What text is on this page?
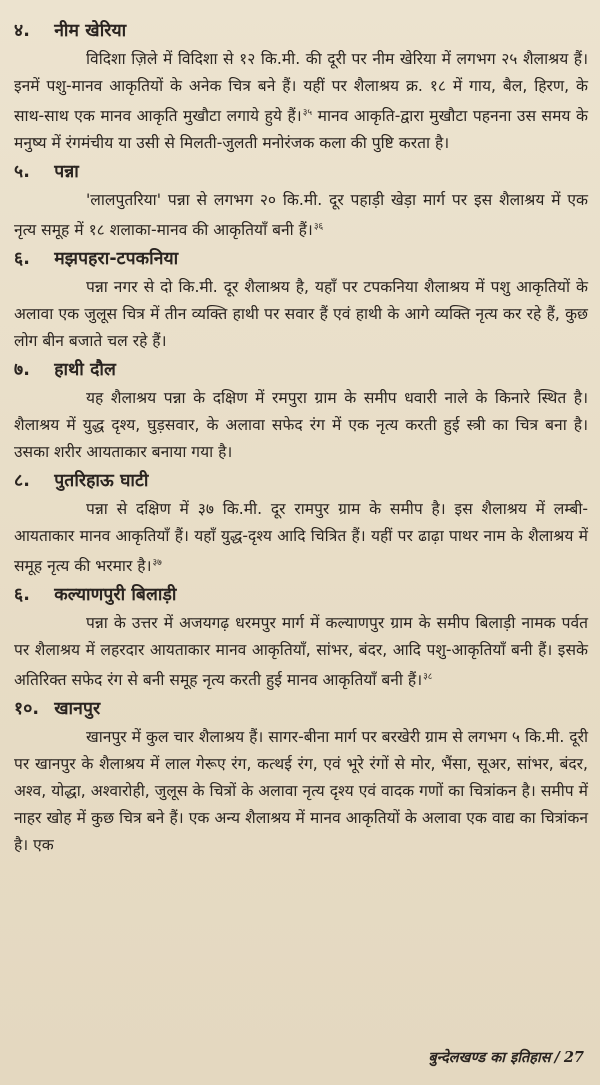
४. नीम खेरिया

विदिशा ज़िले में विदिशा से १२ कि.मी. की दूरी पर नीम खेरिया में लगभग २५ शैलाश्रय हैं। इनमें पशु-मानव आकृतियों के अनेक चित्र बने हैं। यहीं पर शैलाश्रय क्र. १८ में गाय, बैल, हिरण, के साथ-साथ एक मानव आकृति मुखौटा लगाये हुये हैं।$^{३५}$ मानव आकृति-द्वारा मुखौटा पहनना उस समय के मनुष्य में रंगमंचीय या उसी से मिलती-जुलती मनोरंजक कला की पुष्टि करता है।

५. पन्ना

'लालपुतरिया' पन्ना से लगभग २० कि.मी. दूर पहाड़ी खेड़ा मार्ग पर इस शैलाश्रय में एक नृत्य समूह में १८ शलाका-मानव की आकृतियाँ बनी हैं।$^{३६}$

६. मझपहरा-टपकनिया

पन्ना नगर से दो कि.मी. दूर शैलाश्रय है, यहाँ पर टपकनिया शैलाश्रय में पशु आकृतियों के अलावा एक जुलूस चित्र में तीन व्यक्ति हाथी पर सवार हैं एवं हाथी के आगे व्यक्ति नृत्य कर रहे हैं, कुछ लोग बीन बजाते चल रहे हैं।

७. हाथी दौल

यह शैलाश्रय पन्ना के दक्षिण में रमपुरा ग्राम के समीप धवारी नाले के किनारे स्थित है। शैलाश्रय में युद्ध दृश्य, घुड़सवार, के अलावा सफेद रंग में एक नृत्य करती हुई स्त्री का चित्र बना है। उसका शरीर आयताकार बनाया गया है।

८. पुतरिहाऊ घाटी

पन्ना से दक्षिण में ३७ कि.मी. दूर रामपुर ग्राम के समीप है। इस शैलाश्रय में लम्बी-आयताकार मानव आकृतियाँ हैं। यहाँ युद्ध-दृश्य आदि चित्रित हैं। यहीं पर ढाढ़ा पाथर नाम के शैलाश्रय में समूह नृत्य की भरमार है।$^{३७}$

६. कल्याणपुरी बिलाड़ी

पन्ना के उत्तर में अजयगढ़ धरमपुर मार्ग में कल्याणपुर ग्राम के समीप बिलाड़ी नामक पर्वत पर शैलाश्रय में लहरदार आयताकार मानव आकृतियाँ, सांभर, बंदर, आदि पशु-आकृतियाँ बनी हैं। इसके अतिरिक्त सफेद रंग से बनी समूह नृत्य करती हुई मानव आकृतियाँ बनी हैं।$^{३८}$

१०. खानपुर

खानपुर में कुल चार शैलाश्रय हैं। सागर-बीना मार्ग पर बरखेरी ग्राम से लगभग ५ कि.मी. दूरी पर खानपुर के शैलाश्रय में लाल गेरूए रंग, कत्थई रंग, एवं भूरे रंगों से मोर, भैंसा, सूअर, सांभर, बंदर, अश्व, योद्धा, अश्वारोही, जुलूस के चित्रों के अलावा नृत्य दृश्य एवं वादक गणों का चित्रांकन है। समीप में नाहर खोह में कुछ चित्र बने हैं। एक अन्य शैलाश्रय में मानव आकृतियों के अलावा एक वाद्य का चित्रांकन है। एक

बुन्देलखण्ड का इतिहास / 27
